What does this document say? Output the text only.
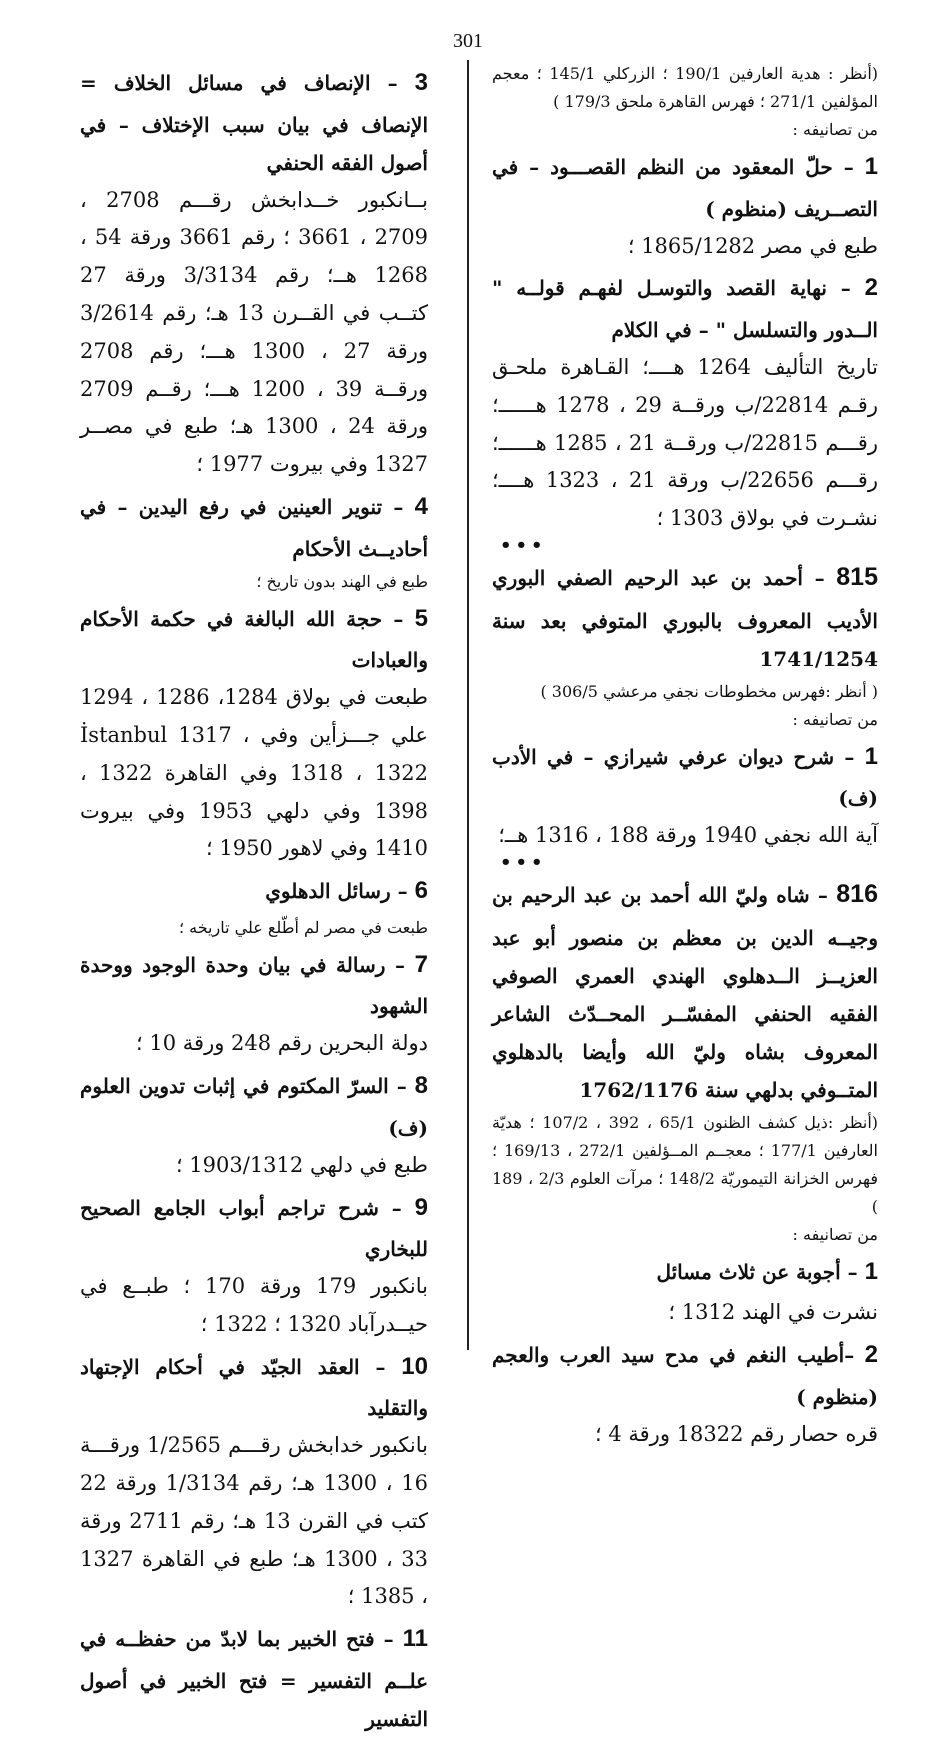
301

(أنظر : هدية العارفين 190/1 ؛ الزركلي 145/1 ؛ معجم المؤلفين 271/1 ؛ فهرس القاهرة ملحق 179/3 )

من تصانيفه :

1 – حلّ المعقود من النظم القصـــود – في التصــريف (منظوم )

طبع في مصر 1865/1282 ؛

2 – نهاية القصد والتوسـل لفهـم قولــه " الــدور والتسلسل " – في الكلام

تاريخ التأليف 1264 هــــ؛ القـاهرة ملحـق رقـم 22814/ب ورقــة 29 ، 1278 هــــــ؛ رقـــم 22815/ب ورقــة 21 ، 1285 هــــــ؛ رقـــم 22656/ب ورقة 21 ، 1323 هــــ؛ نشـرت في بولاق 1303 ؛

•••

815 – أحمد بن عبد الرحيم الصفي البوري الأديب المعروف بالبوري المتوفي بعد سنة 1741/1254

( أنظر :فهرس مخطوطات نجفي مرعشي 306/5 )

من تصانيفه :

1 – شرح ديوان عرفي شيرازي – في الأدب (ف)

آية الله نجفي 1940 ورقة 188 ، 1316 هــ؛

•••

816 – شاه وليّ الله أحمد بن عبد الرحيم بن وجيــه الدين بن معظم بن منصور أبو عبد العزيــز الــدهلوي الهندي العمري الصوفي الفقيه الحنفي المفسّــر المحــدّث الشاعر المعروف بشاه وليّ الله وأيضا بالدهلوي المتــوفي بدلهي سنة 1762/1176

(أنظر :ذيل كشف الظنون 65/1 ، 392 ، 107/2 ؛ هديّة العارفين 177/1 ؛ معجــم المــؤلفين 272/1 ، 169/13 ؛ فهرس الخزانة التيموريّة 148/2 ؛ مرآت العلوم 2/3 ، 189 )

من تصانيفه :

1 – أجوبة عن ثلاث مسائل

نشرت في الهند 1312 ؛

2 –أطيب النغم في مدح سيد العرب والعجم (منظوم )

قره حصار رقم 18322 ورقة 4 ؛

3 – الإنصاف في مسائل الخلاف = الإنصاف في بيان سبب الإختلاف – في أصول الفقه الحنفي

بــانكبور خــدابخش رقـــم 2708 ، 2709 ، 3661 ؛ رقم 3661 ورقة 54 ، 1268 هــ؛ رقم 3/3134 ورقة 27 كتــب في القــرن 13 هـ؛ رقم 3/2614 ورقة 27 ، 1300 هـــ؛ رقم 2708 ورقــة 39 ، 1200 هـــ؛ رقــم 2709 ورقة 24 ، 1300 هـ؛ طبع في مصــر 1327 وفي بيروت 1977 ؛

4 – تنوير العينين في رفع اليدين – في أحاديــث الأحكام

طبع في الهند بدون تاريخ ؛

5 – حجة الله البالغة في حكمة الأحكام والعبادات

طبعت في بولاق 1284، 1286 ، 1294 علي جـــزأين وفي İstanbul 1317 ، 1318 ، 1322 وفي القاهرة 1322 ، 1398 وفي دلهي 1953 وفي بيروت 1410 وفي لاهور 1950 ؛

6 – رسائل الدهلوي

طبعت في مصر لم أطّلع علي تاريخه ؛

7 – رسالة في بيان وحدة الوجود ووحدة الشهود

دولة البحرين رقم 248 ورقة 10 ؛

8 – السرّ المكتوم في إثبات تدوين العلوم (ف)

طبع في دلهي 1903/1312 ؛

9 – شرح تراجم أبواب الجامع الصحيح للبخاري

بانكبور 179 ورقة 170 ؛ طبــع في حيــدرآباد 1320 ؛ 1322 ؛

10 – العقد الجيّد في أحكام الإجتهاد والتقليد

بانكبور خدابخش رقـــم 1/2565 ورقـــة 16 ، 1300 هـ؛ رقم 1/3134 ورقة 22 كتب في القرن 13 هـ؛ رقم 2711 ورقة 33 ، 1300 هـ؛ طبع في القاهرة 1327 ، 1385 ؛

11 – فتح الخبير بما لابدّ من حفظــه في علــم التفسير = فتح الخبير في أصول التفسير
